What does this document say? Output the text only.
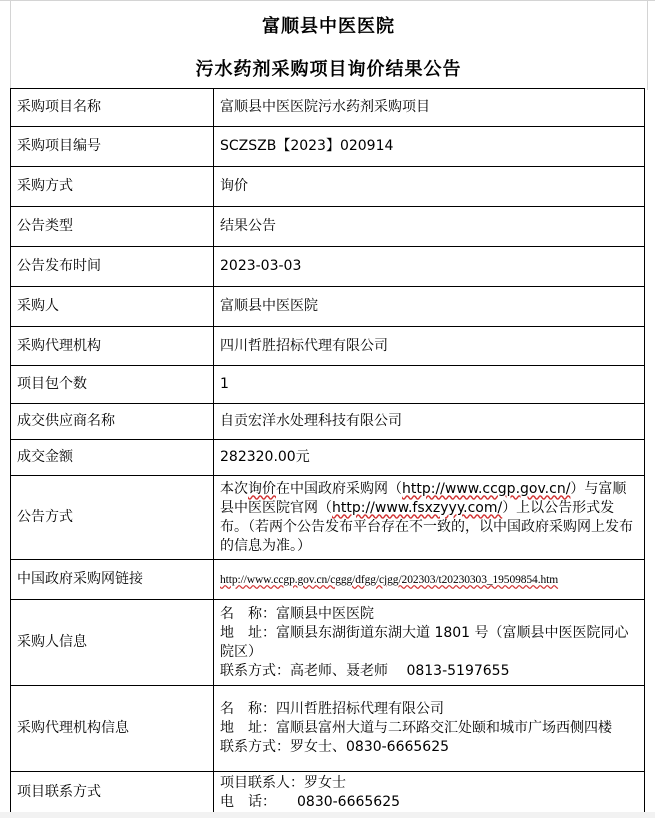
富顺县中医医院
污水药剂采购项目询价结果公告
采购项目名称	富顺县中医医院污水药剂采购项目
采购项目编号	SCZSZB【2023】020914
采购方式	询价
公告类型	结果公告
公告发布时间	2023-03-03
采购人	富顺县中医医院
采购代理机构	四川哲胜招标代理有限公司
项目包个数	1
成交供应商名称	自贡宏洋水处理科技有限公司
成交金额	282320.00元
公告方式	本次询价在中国政府采购网（http://www.ccgp.gov.cn/）与富顺县中医医院官网（http://www.fsxzyyy.com/）上以公告形式发布。（若两个公告发布平台存在不一致的，以中国政府采购网上发布的信息为准。）

中国政府采购网链接	http://www.ccgp.gov.cn/cggg/dfgg/cjgg/202303/t20230303_19509854.htm
采购人信息	名　称：富顺县中医医院
地　址：富顺县东湖街道东湖大道 1801 号（富顺县中医医院同心院区）
联系方式：高老师、聂老师　 0813-5197655

采购代理机构信息	名　称：四川哲胜招标代理有限公司
地　址：富顺县富州大道与二环路交汇处颐和城市广场西侧四楼
联系方式：罗女士、0830-6665625

项目联系方式	项目联系人：罗女士
电　话：　　0830-6665625
